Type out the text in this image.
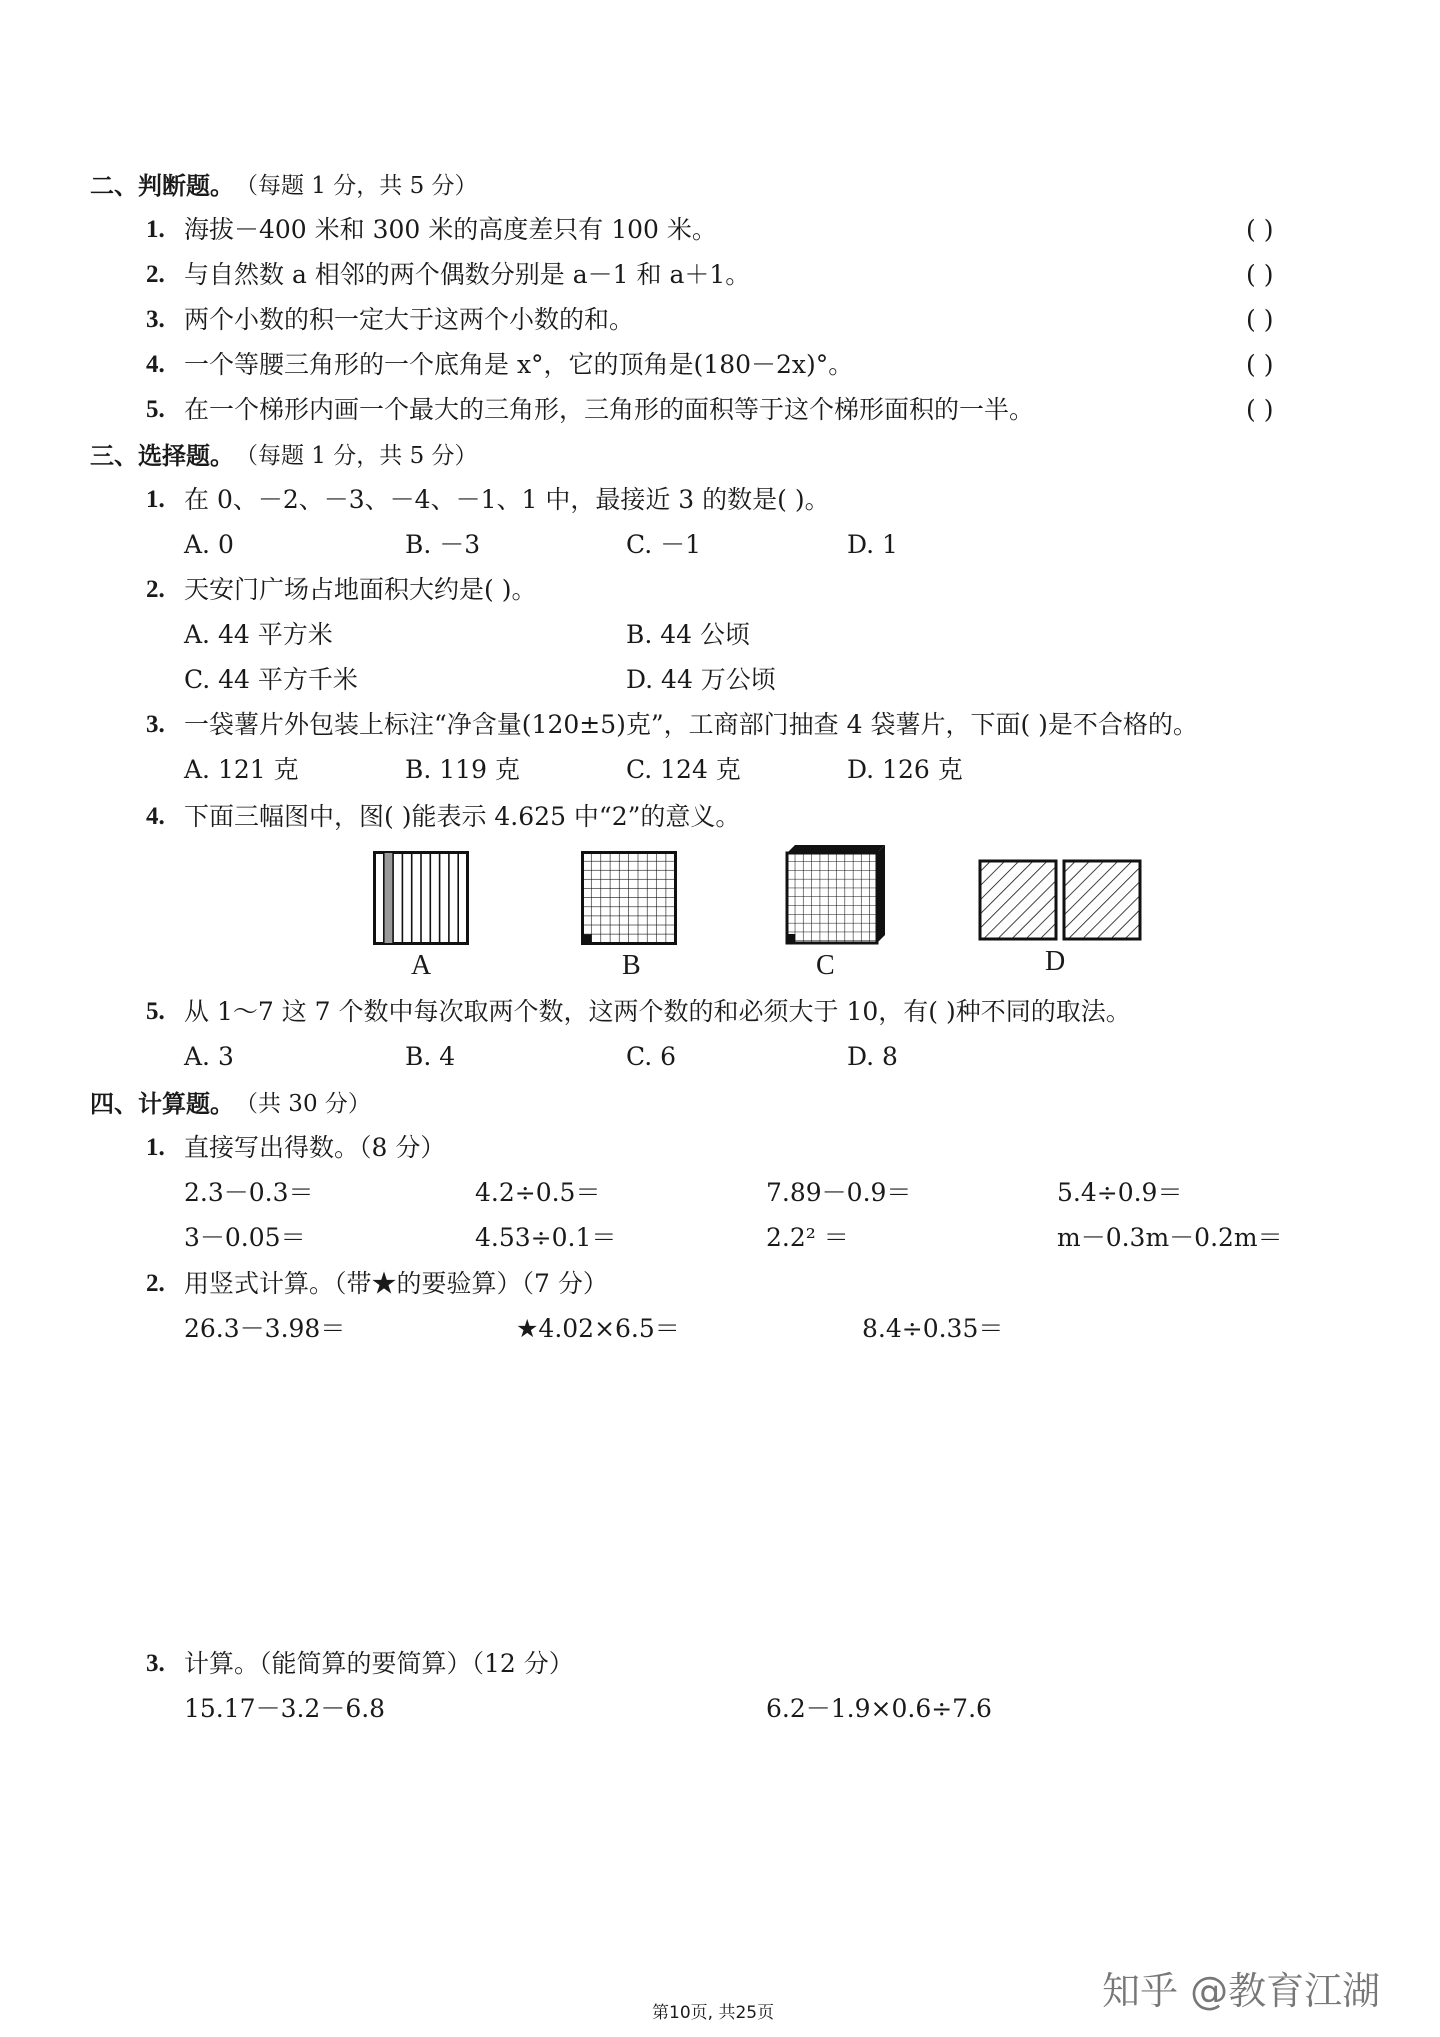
二、判断题。 （每题 1 分，共 5 分）
1. 海拔－400 米和 300 米的高度差只有 100 米。	( )
2. 与自然数 a 相邻的两个偶数分别是 a－1 和 a＋1。	( )
3. 两个小数的积一定大于这两个小数的和。	( )
4. 一个等腰三角形的一个底角是 x°，它的顶角是(180－2x)°。	( )
5. 在一个梯形内画一个最大的三角形，三角形的面积等于这个梯形面积的一半。	( )
三、选择题。 （每题 1 分，共 5 分）
1. 在 0、－2、－3、－4、－1、1 中，最接近 3 的数是( )。
A. 0	B. －3	C. －1	D. 1
2. 天安门广场占地面积大约是( )。
A. 44 平方米	B. 44 公顷
C. 44 平方千米	D. 44 万公顷
3. 一袋薯片外包装上标注“净含量(120±5)克”，工商部门抽查 4 袋薯片，下面( )是不合格的。
A. 121 克	B. 119 克	C. 124 克	D. 126 克
4. 下面三幅图中，图( )能表示 4.625 中“2”的意义。
A	B	C	D
5. 从 1～7 这 7 个数中每次取两个数，这两个数的和必须大于 10，有( )种不同的取法。
A. 3	B. 4	C. 6	D. 8
四、计算题。 （共 30 分）
1. 直接写出得数。（8 分）
2.3－0.3＝	4.2÷0.5＝	7.89－0.9＝	5.4÷0.9＝
3－0.05＝	4.53÷0.1＝	2.2² ＝	m－0.3m－0.2m＝
2. 用竖式计算。（带★的要验算）（7 分）
26.3－3.98＝	★4.02×6.5＝	8.4÷0.35＝
3. 计算。（能简算的要简算）（12 分）
15.17－3.2－6.8	6.2－1.9×0.6÷7.6
第10页, 共25页	知乎 @教育江湖
